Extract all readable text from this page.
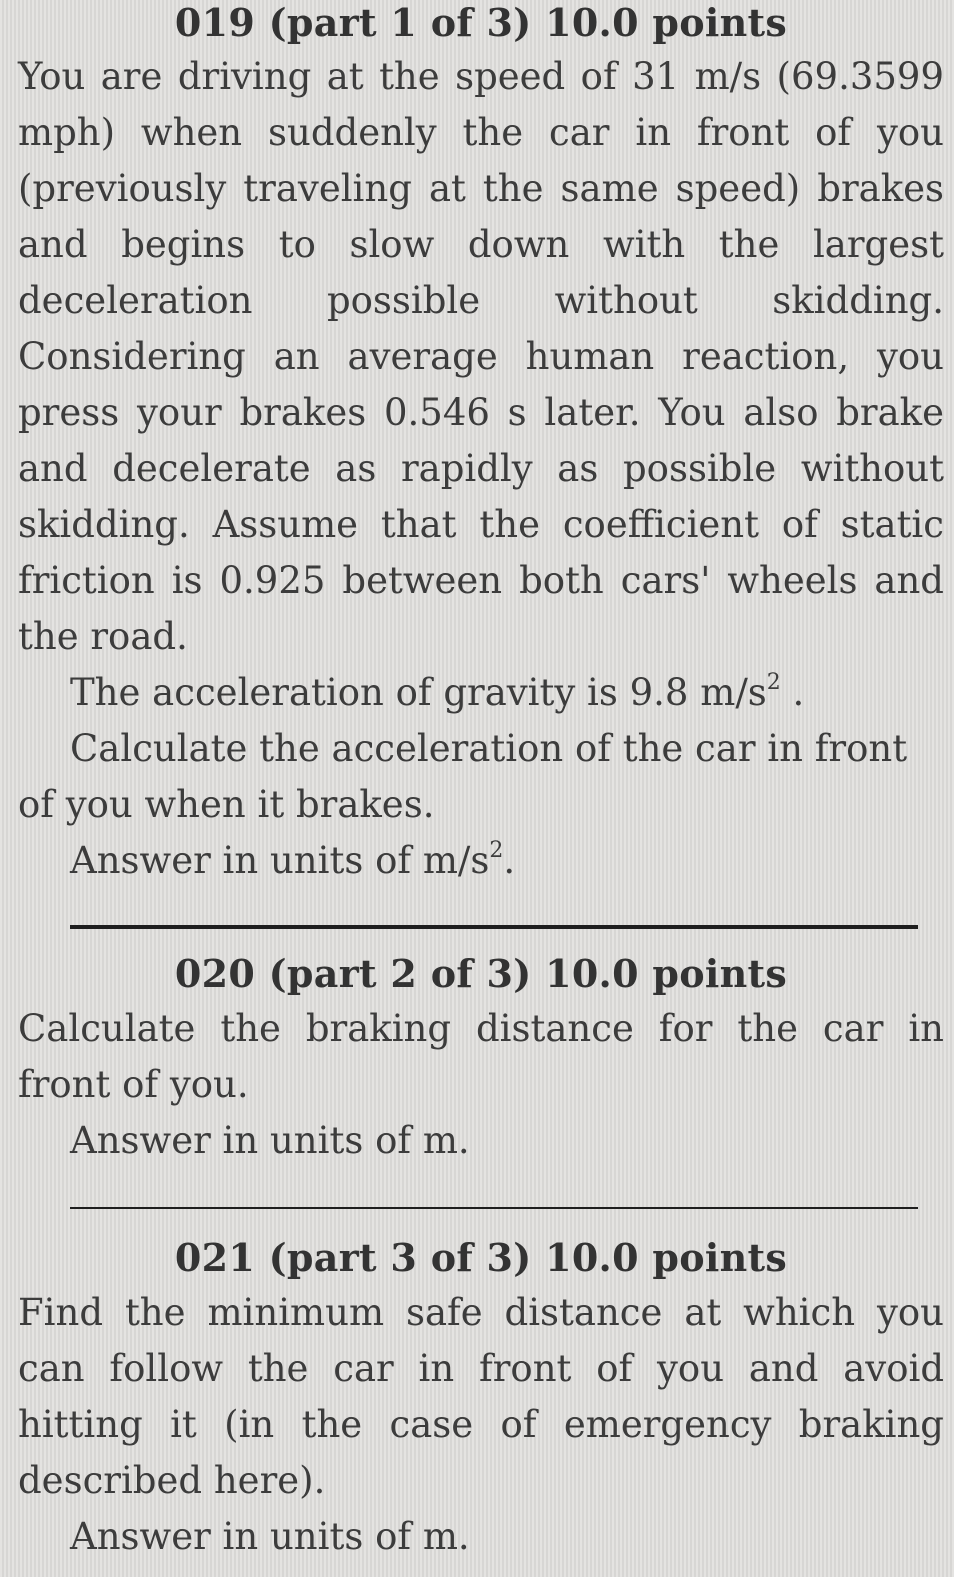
019 (part 1 of 3) 10.0 points

You are driving at the speed of 31 m/s (69.3599 mph) when suddenly the car in front of you (previously traveling at the same speed) brakes and begins to slow down with the largest deceleration possible without skidding. Considering an average human reaction, you press your brakes 0.546 s later. You also brake and decelerate as rapidly as possible without skidding. Assume that the coefficient of static friction is 0.925 between both cars' wheels and the road.

The acceleration of gravity is 9.8 $m/s^2$ .

Calculate the acceleration of the car in front

of you when it brakes.

Answer in units of $m/s^2$.

020 (part 2 of 3) 10.0 points

Calculate the braking distance for the car in front of you.

Answer in units of m.

021 (part 3 of 3) 10.0 points

Find the minimum safe distance at which you can follow the car in front of you and avoid hitting it (in the case of emergency braking described here).

Answer in units of m.
